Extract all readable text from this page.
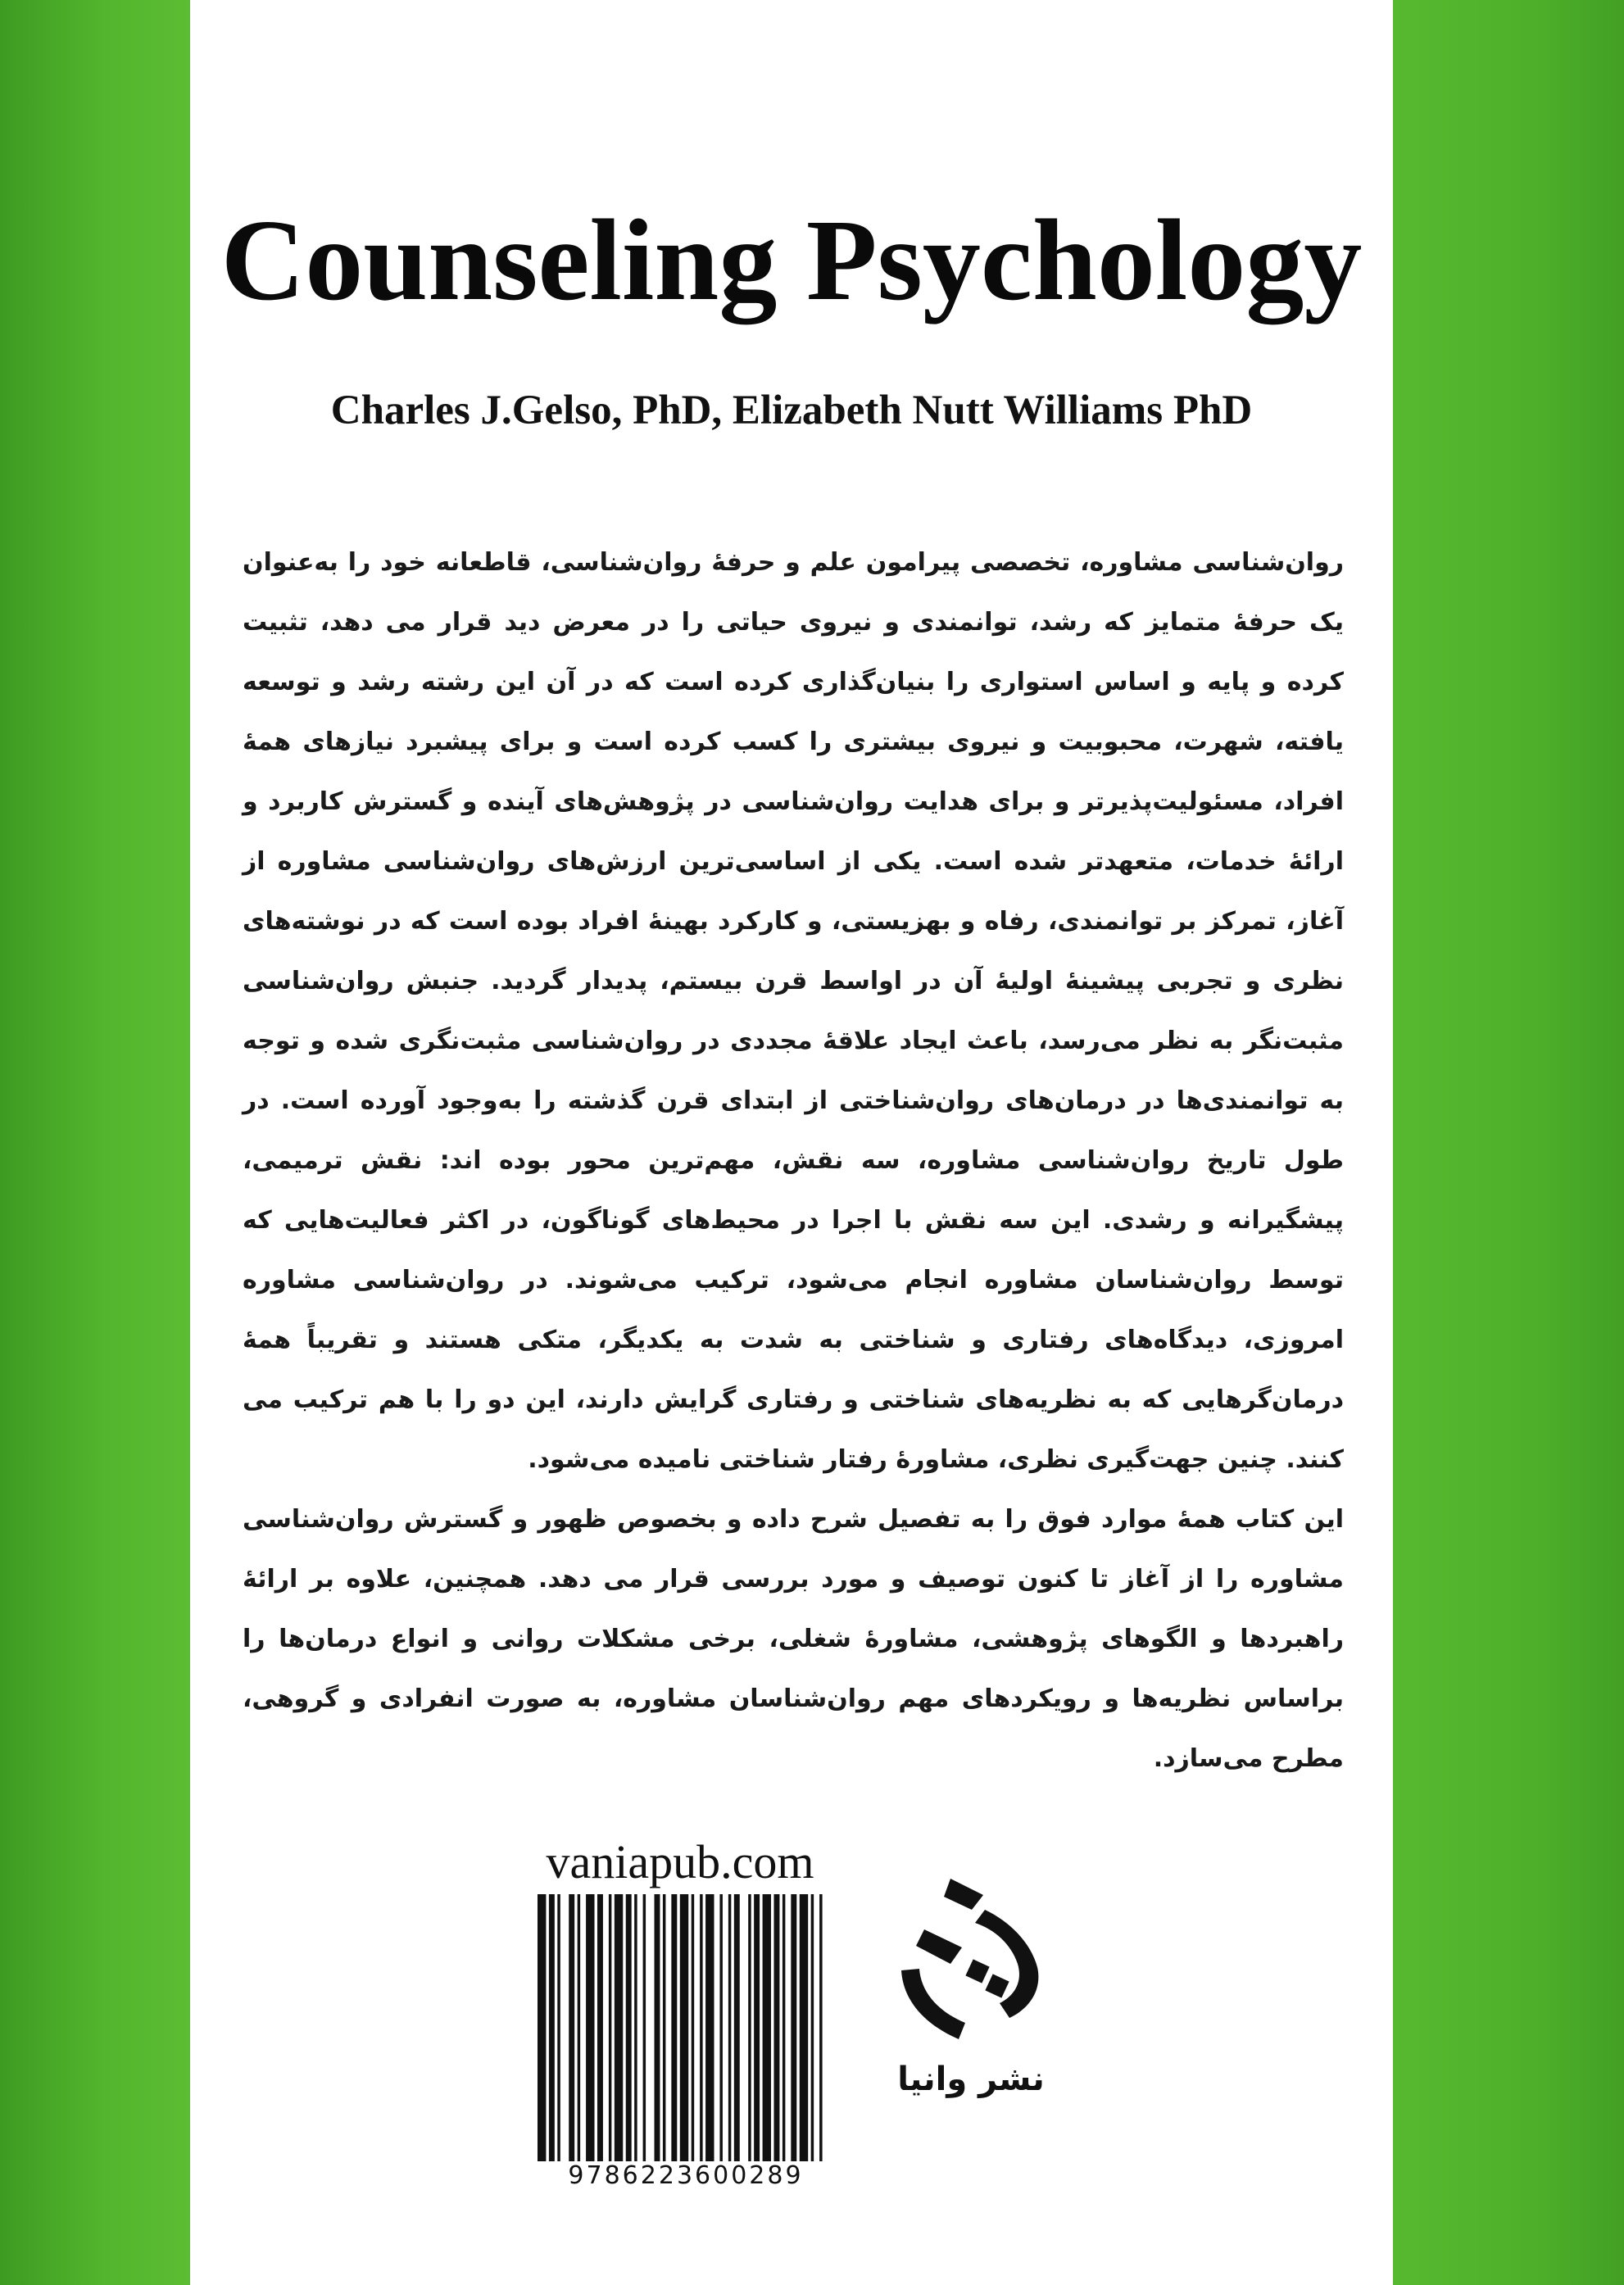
Counseling Psychology
Charles J.Gelso, PhD, Elizabeth Nutt Williams PhD

روان‌شناسی مشاوره، تخصصی پیرامون علم و حرفهٔ روان‌شناسی، قاطعانه خود را به‌عنوان یک حرفهٔ متمایز که رشد، توانمندی و نیروی حیاتی را در معرض دید قرار می دهد، تثبیت کرده و پایه و اساس استواری را بنیان‌گذاری کرده است که در آن این رشته رشد و توسعه یافته، شهرت، محبوبیت و نیروی بیشتری را کسب کرده است و برای پیشبرد نیازهای همهٔ افراد، مسئولیت‌پذیرتر و برای هدایت روان‌شناسی در پژوهش‌های آینده و گسترش کاربرد و ارائهٔ خدمات، متعهدتر شده است. یکی از اساسی‌ترین ارزش‌های روان‌شناسی مشاوره از آغاز، تمرکز بر توانمندی، رفاه و بهزیستی، و کارکرد بهینهٔ افراد بوده است که در نوشته‌های نظری و تجربی پیشینهٔ اولیهٔ آن در اواسط قرن بیستم، پدیدار گردید. جنبش روان‌شناسی مثبت‌نگر به نظر می‌رسد، باعث ایجاد علاقهٔ مجددی در روان‌شناسی مثبت‌نگری شده و توجه به توانمندی‌ها در درمان‌های روان‌شناختی از ابتدای قرن گذشته را به‌وجود آورده است. در طول تاریخ روان‌شناسی مشاوره، سه نقش، مهم‌ترین محور بوده اند: نقش ترمیمی، پیشگیرانه و رشدی. این سه نقش با اجرا در محیط‌های گوناگون، در اکثر فعالیت‌هایی که توسط روان‌شناسان مشاوره انجام می‌شود، ترکیب می‌شوند. در روان‌شناسی مشاوره امروزی، دیدگاه‌های رفتاری و شناختی به شدت به یکدیگر، متکی هستند و تقریباً همهٔ درمان‌گرهایی که به نظریه‌های شناختی و رفتاری گرایش دارند، این دو را با هم ترکیب می کنند. چنین جهت‌گیری نظری، مشاورهٔ رفتار شناختی نامیده می‌شود.

این کتاب همهٔ موارد فوق را به تفصیل شرح داده و بخصوص ظهور و گسترش روان‌شناسی مشاوره را از آغاز تا کنون توصیف و مورد بررسی قرار می دهد. همچنین، علاوه بر ارائهٔ راهبردها و الگوهای پژوهشی، مشاورهٔ شغلی، برخی مشکلات روانی و انواع درمان‌ها را براساس نظریه‌ها و رویکردهای مهم روان‌شناسان مشاوره، به صورت انفرادی و گروهی، مطرح می‌سازد.

vaniapub.com
9786223600289
نشر وانیا
